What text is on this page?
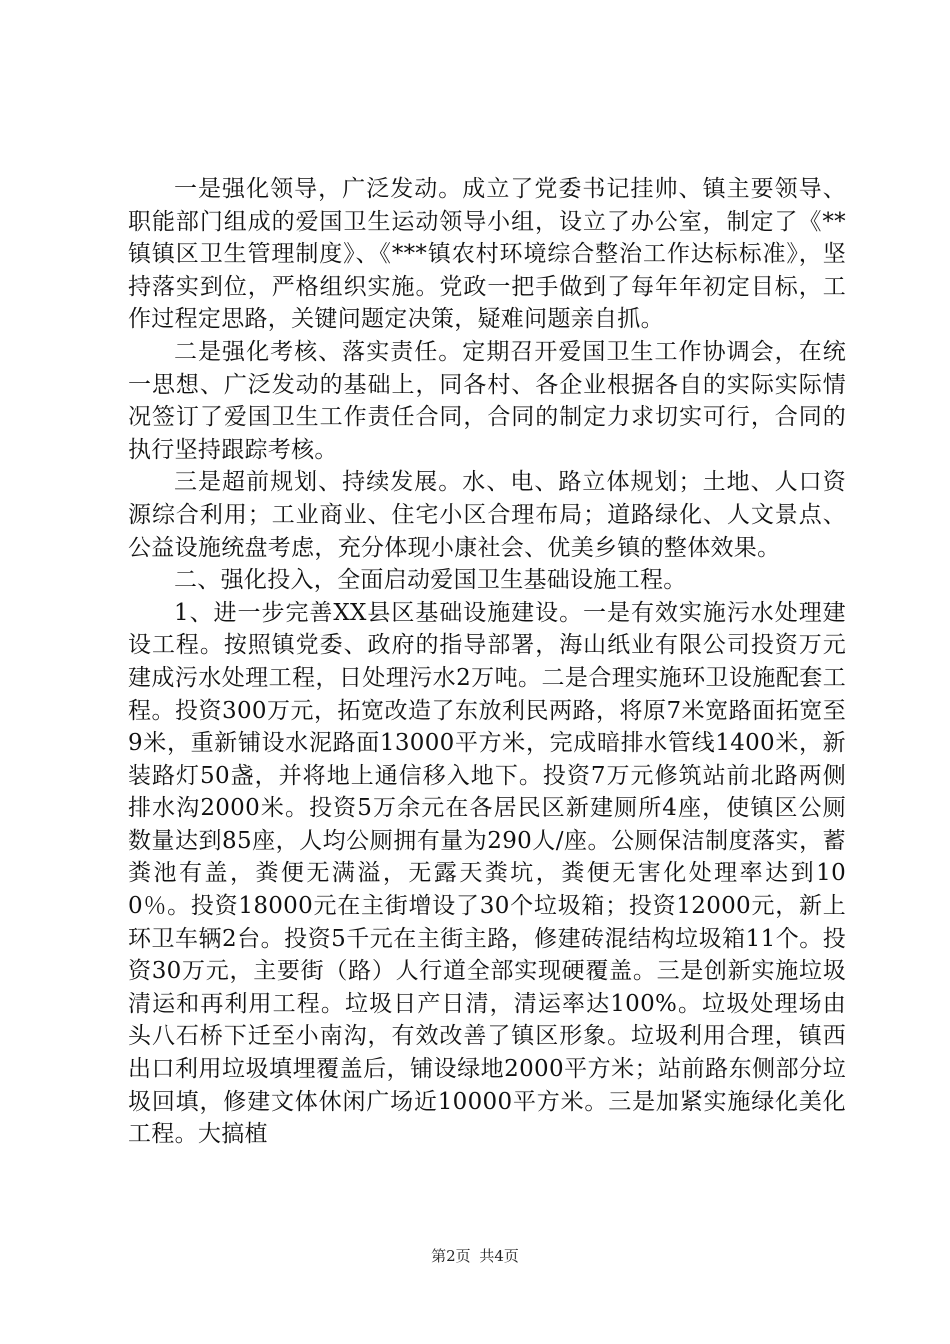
一是强化领导，广泛发动。成立了党委书记挂帅、镇主要领导、职能部门组成的爱国卫生运动领导小组，设立了办公室，制定了《**镇镇区卫生管理制度》、《***镇农村环境综合整治工作达标标准》，坚持落实到位，严格组织实施。党政一把手做到了每年年初定目标，工作过程定思路，关键问题定决策，疑难问题亲自抓。

二是强化考核、落实责任。定期召开爱国卫生工作协调会，在统一思想、广泛发动的基础上，同各村、各企业根据各自的实际实际情况签订了爱国卫生工作责任合同，合同的制定力求切实可行，合同的执行坚持跟踪考核。

三是超前规划、持续发展。水、电、路立体规划；土地、人口资源综合利用；工业商业、住宅小区合理布局；道路绿化、人文景点、公益设施统盘考虑，充分体现小康社会、优美乡镇的整体效果。

二、强化投入，全面启动爱国卫生基础设施工程。

1、进一步完善XX县区基础设施建设。一是有效实施污水处理建设工程。按照镇党委、政府的指导部署，海山纸业有限公司投资万元建成污水处理工程，日处理污水2万吨。二是合理实施环卫设施配套工程。投资300万元，拓宽改造了东放利民两路，将原7米宽路面拓宽至9米，重新铺设水泥路面13000平方米，完成暗排水管线1400米，新装路灯50盏，并将地上通信移入地下。投资7万元修筑站前北路两侧排水沟2000米。投资5万余元在各居民区新建厕所4座，使镇区公厕数量达到85座，人均公厕拥有量为290人/座。公厕保洁制度落实，蓄粪池有盖，粪便无满溢，无露天粪坑，粪便无害化处理率达到100％。投资18000元在主街增设了30个垃圾箱；投资12000元，新上环卫车辆2台。投资5千元在主街主路，修建砖混结构垃圾箱11个。投资30万元，主要街（路）人行道全部实现硬覆盖。三是创新实施垃圾清运和再利用工程。垃圾日产日清，清运率达100%。垃圾处理场由头八石桥下迁至小南沟，有效改善了镇区形象。垃圾利用合理，镇西出口利用垃圾填埋覆盖后，铺设绿地2000平方米；站前路东侧部分垃圾回填，修建文体休闲广场近10000平方米。三是加紧实施绿化美化工程。大搞植

第2页 共4页
